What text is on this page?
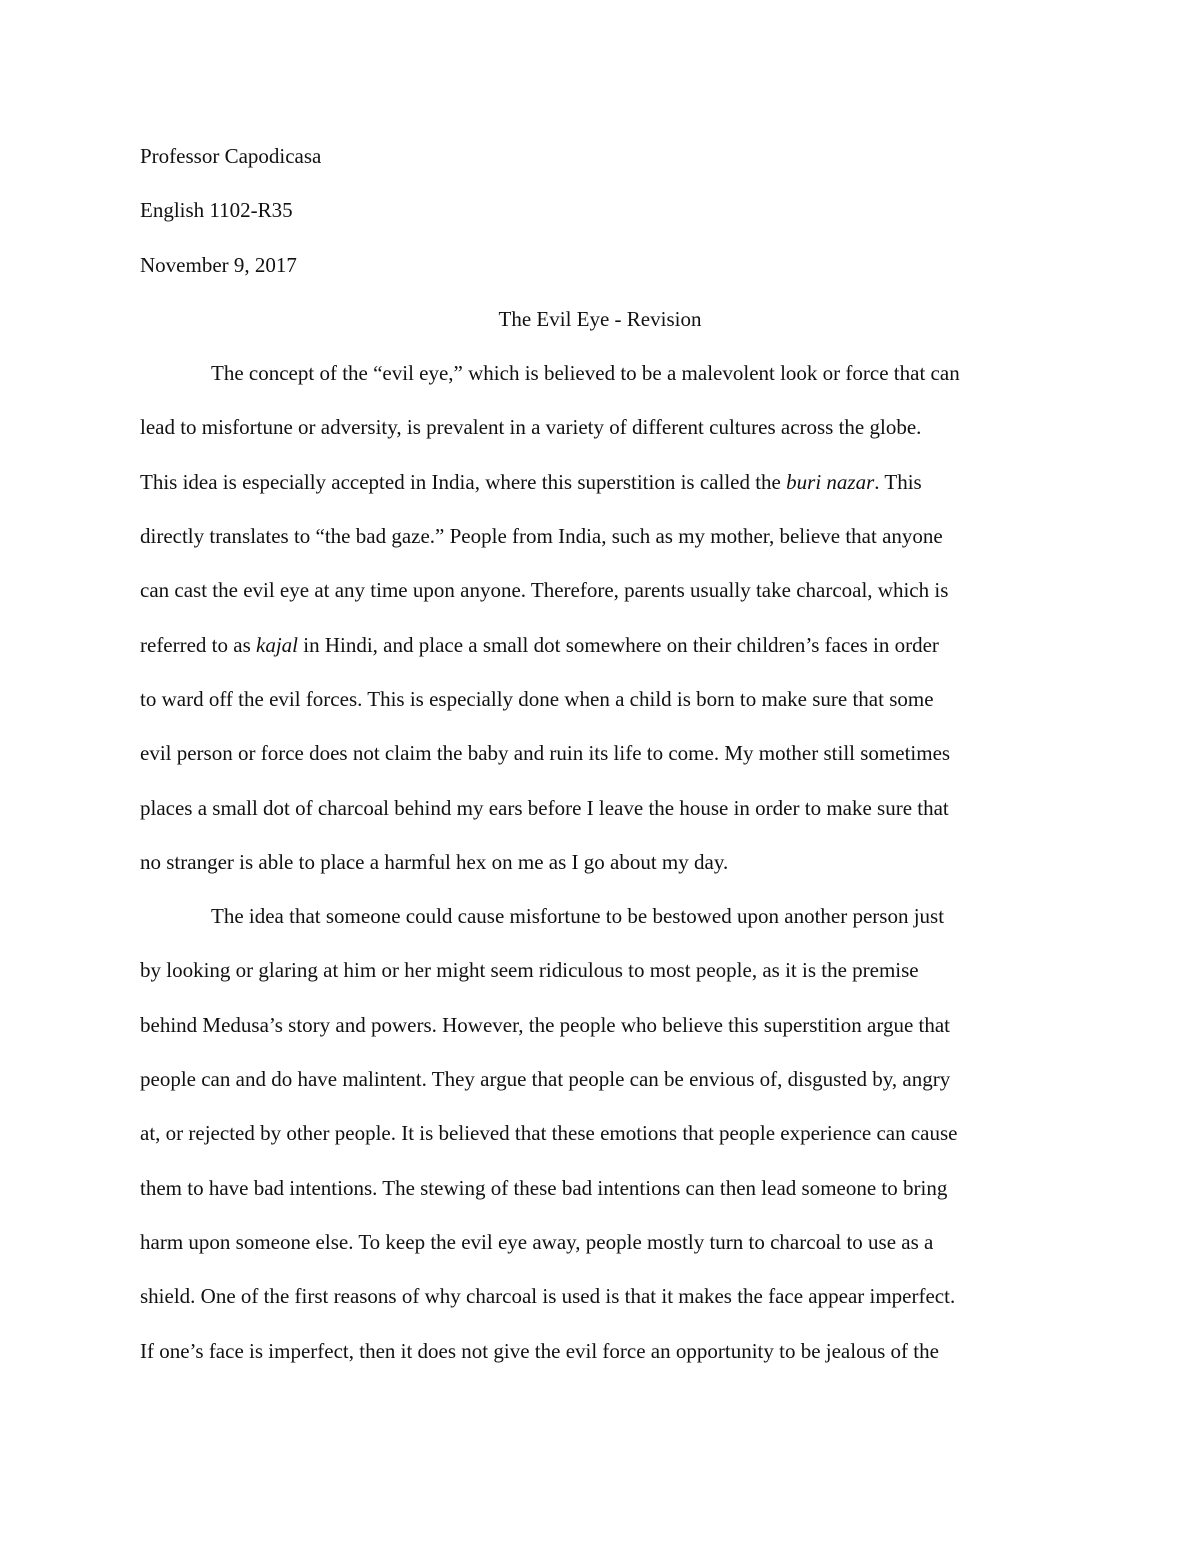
Professor Capodicasa
English 1102-R35
November 9, 2017
The Evil Eye - Revision
The concept of the “evil eye,” which is believed to be a malevolent look or force that can
lead to misfortune or adversity, is prevalent in a variety of different cultures across the globe.
This idea is especially accepted in India, where this superstition is called the buri nazar. This
directly translates to “the bad gaze.” People from India, such as my mother, believe that anyone
can cast the evil eye at any time upon anyone. Therefore, parents usually take charcoal, which is
referred to as kajal in Hindi, and place a small dot somewhere on their children’s faces in order
to ward off the evil forces. This is especially done when a child is born to make sure that some
evil person or force does not claim the baby and ruin its life to come. My mother still sometimes
places a small dot of charcoal behind my ears before I leave the house in order to make sure that
no stranger is able to place a harmful hex on me as I go about my day.
The idea that someone could cause misfortune to be bestowed upon another person just
by looking or glaring at him or her might seem ridiculous to most people, as it is the premise
behind Medusa’s story and powers. However, the people who believe this superstition argue that
people can and do have malintent. They argue that people can be envious of, disgusted by, angry
at, or rejected by other people. It is believed that these emotions that people experience can cause
them to have bad intentions. The stewing of these bad intentions can then lead someone to bring
harm upon someone else. To keep the evil eye away, people mostly turn to charcoal to use as a
shield. One of the first reasons of why charcoal is used is that it makes the face appear imperfect.
If one’s face is imperfect, then it does not give the evil force an opportunity to be jealous of the
